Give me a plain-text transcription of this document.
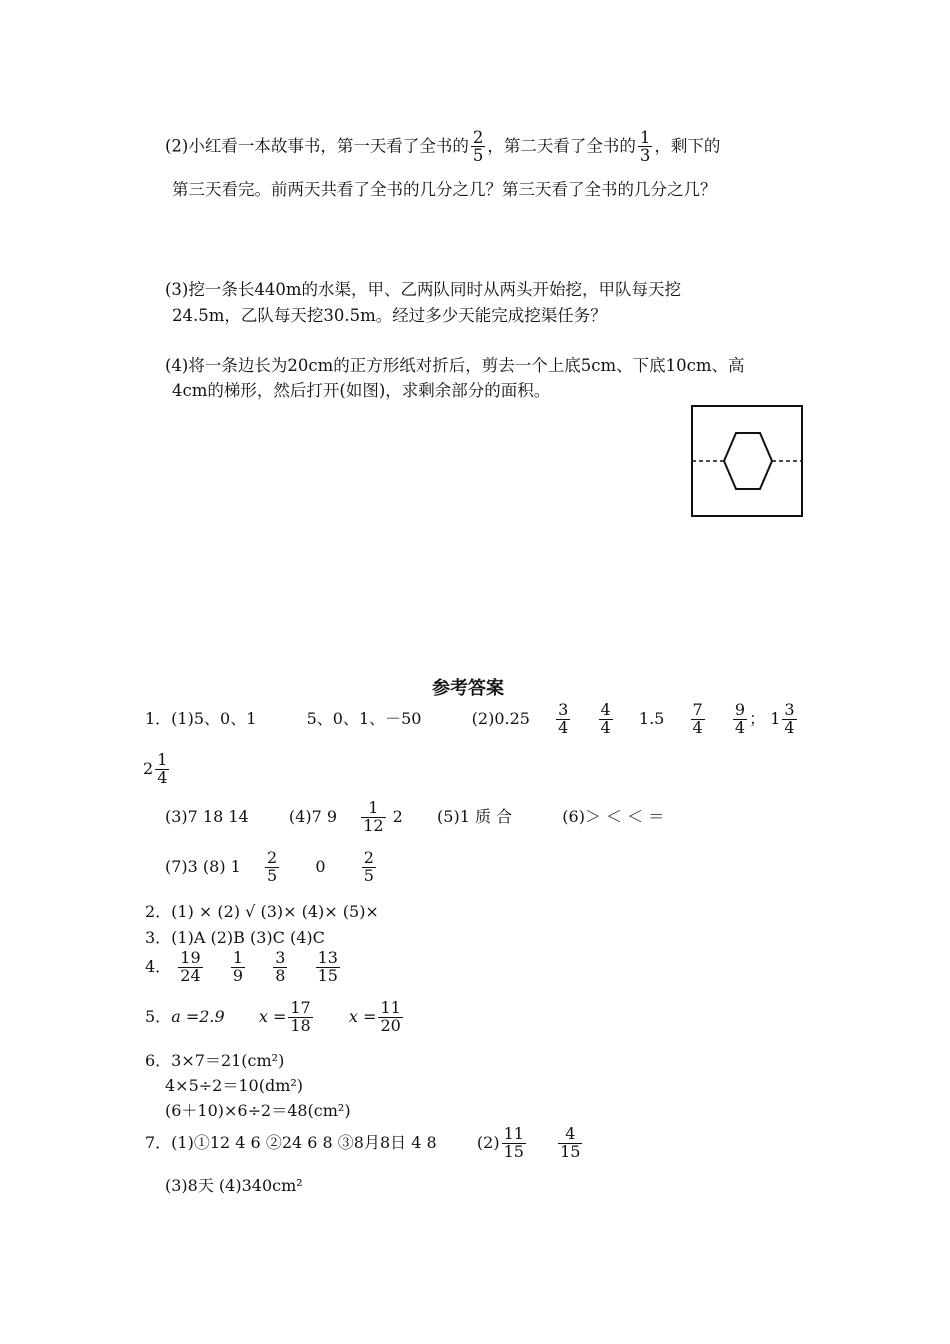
(2)小红看一本故事书，第一天看了全书的 $\frac{2}{5}$ ，第二天看了全书的 $\frac{1}{3}$ ，剩下的
第三天看完。前两天共看了全书的几分之几？第三天看了全书的几分之几？
(3)挖一条长440m的水渠，甲、乙两队同时从两头开始挖，甲队每天挖
24.5m，乙队每天挖30.5m。经过多少天能完成挖渠任务？
(4)将一条边长为20cm的正方形纸对折后，剪去一个上底5cm、下底10cm、高
4cm的梯形，然后打开(如图)，求剩余部分的面积。
参考答案
1．(1)5、0、1	5、0、1、－50	$(2)0.25 \frac{3}{4}$
$\frac{4}{4} 1.5 \frac{7}{4}$
$\frac{9}{4}$ ； $1 \frac{3}{4}$
$2 \frac{1}{4}$
(3)7 18 14	(4)7 $9 \frac{1}{12} 2$ (5)1 质 合	(6)＞ ＜ ＜ ＝
(7)3 (8) $1 \frac{2}{5} 0 \frac{2}{5}$
2．(1) × (2) √ (3)× (4)× (5)×
3．(1)A (2)B (3)C (4)C
4． $\frac{19}{24}$
$\frac{1}{9}$
$\frac{3}{8}$
$\frac{13}{15}$
5．a =2.9 $x = \frac{17}{18}$ $x = \frac{11}{20}$
6．3×7＝21(cm²)
4×5÷2＝10(dm²)
(6＋10)×6÷2＝48(cm²)
7．(1)①12 4 6 ②24 6 8 ③8月8日 4 8	$(2) \frac{11}{15}$
$\frac{4}{15}$
(3)8天 (4)340cm²
